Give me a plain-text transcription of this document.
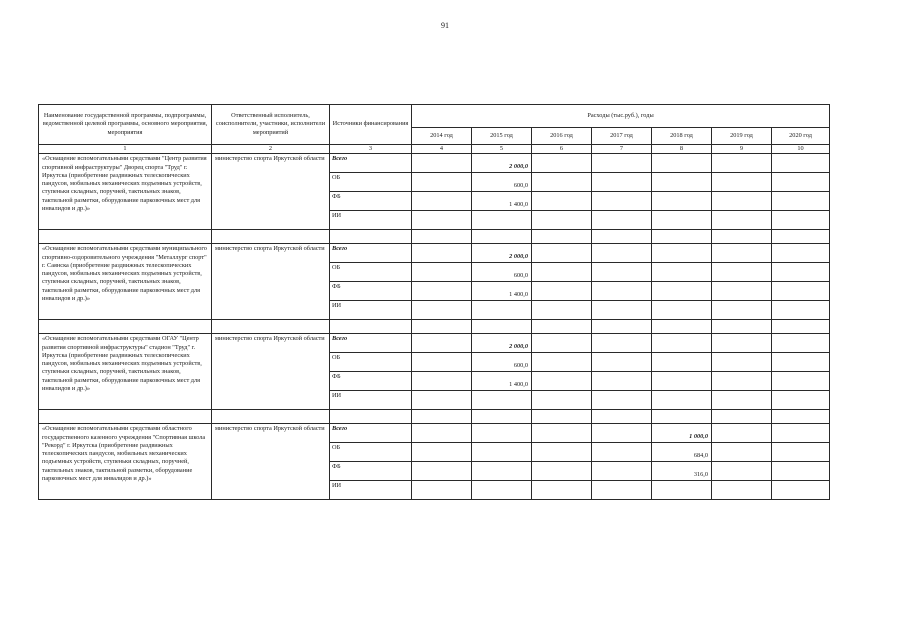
91
Наименование государственной программы, подпрограммы, ведомственной целевой программы, основного мероприятия, мероприятия	Ответственный исполнитель, соисполнители, участники, исполнители мероприятий	Источники финансирования	Расходы (тыс.руб.), годы						
			2014 год	2015 год	2016 год	2017 год	2018 год	2019 год	2020 год
1	2	3	4	5	6	7	8	9	10
«Оснащение вспомогательными средствами "Центр развития спортивной инфраструктуры" Дворец спорта "Труд" г. Иркутска (приобретение раздвижных телескопических пандусов, мобильных механических подъемных устройств, ступеньки складных, поручней, тактильных знаков, тактильной разметки, оборудование парковочных мест для инвалидов и др.)»	министерство спорта Иркутской области	Всего		2 000,0					
		ОБ		600,0					
		ФБ		1 400,0					
		ИИ							

«Оснащение вспомогательными средствами муниципального спортивно-оздоровительного учреждения "Металлург спорт" г. Саянска (приобретение раздвижных телескопических пандусов, мобильных механических подъемных устройств, ступеньки складных, поручней, тактильных знаков, тактильной разметки, оборудование парковочных мест для инвалидов и др.)»	министерство спорта Иркутской области	Всего		2 000,0					
		ОБ		600,0					
		ФБ		1 400,0					
		ИИ							

«Оснащение вспомогательными средствами ОГАУ "Центр развития спортивной инфраструктуры" стадион "Труд" г. Иркутска (приобретение раздвижных телескопических пандусов, мобильных механических подъемных устройств, ступеньки складных, поручней, тактильных знаков, тактильной разметки, оборудование парковочных мест для инвалидов и др.)»	министерство спорта Иркутской области	Всего		2 000,0					
		ОБ		600,0					
		ФБ		1 400,0					
		ИИ							

«Оснащение вспомогательными средствами областного государственного казенного учреждения "Спортивная школа "Рекорд" г. Иркутска (приобретение раздвижных телескопических пандусов, мобильных механических подъемных устройств, ступеньки складных, поручней, тактильных знаков, тактильной разметки, оборудование парковочных мест для инвалидов и др.)»	министерство спорта Иркутской области	Всего					1 000,0		
		ОБ					684,0		
		ФБ					316,0		
		ИИ							
